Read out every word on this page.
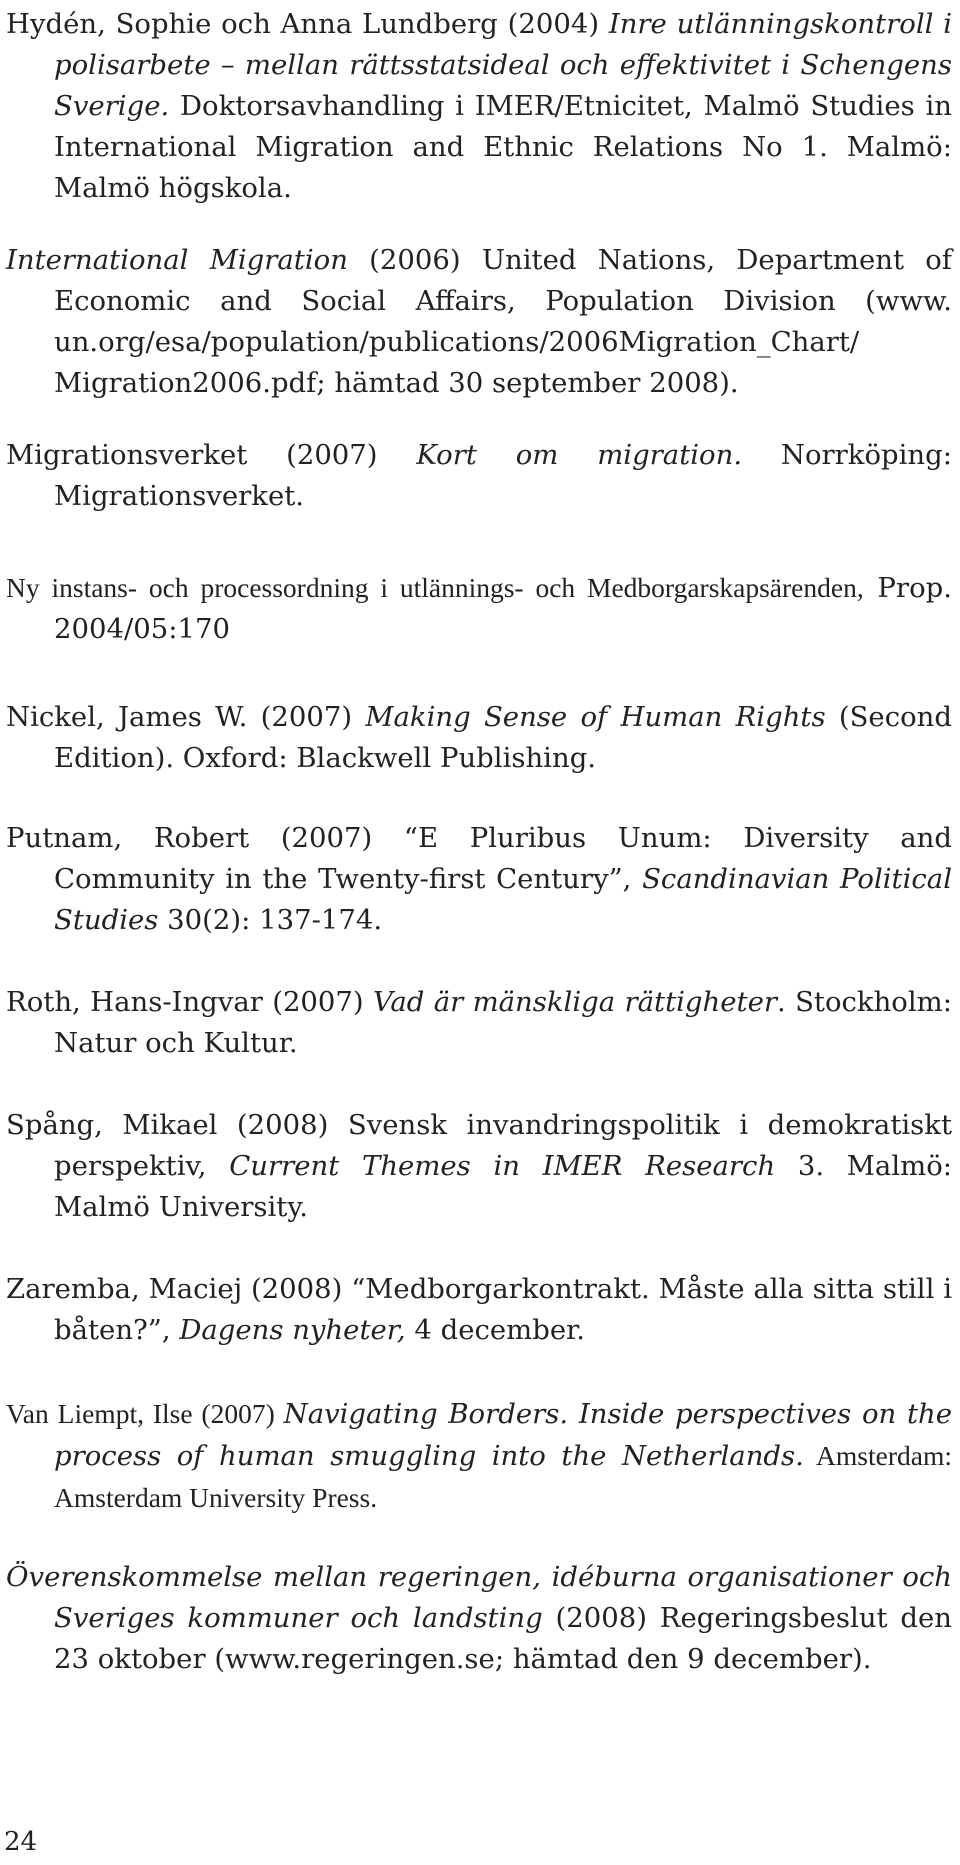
Hydén, Sophie och Anna Lundberg (2004) Inre utlänningskontroll i polisarbete – mellan rättsstatsideal och effektivitet i Schengens Sverige. Doktorsavhandling i IMER/Etnicitet, Malmö Studies in International Migration and Ethnic Relations No 1. Malmö: Malmö högskola.

International Migration (2006) United Nations, Department of Economic and Social Affairs, Population Division (www. un.org/esa/population/publications/2006Migration_Chart/ Migration2006.pdf; hämtad 30 september 2008).

Migrationsverket (2007) Kort om migration. Norrköping: Migrationsverket.

Ny instans- och processordning i utlännings- och Medborgarskapsärenden, Prop. 2004/05:170

Nickel, James W. (2007) Making Sense of Human Rights (Second Edition). Oxford: Blackwell Publishing.

Putnam, Robert (2007) “E Pluribus Unum: Diversity and Community in the Twenty-first Century”, Scandinavian Political Studies 30(2): 137-174.

Roth, Hans-Ingvar (2007) Vad är mänskliga rättigheter. Stockholm: Natur och Kultur.

Spång, Mikael (2008) Svensk invandringspolitik i demokratiskt perspektiv, Current Themes in IMER Research 3. Malmö: Malmö University.

Zaremba, Maciej (2008) “Medborgarkontrakt. Måste alla sitta still i båten?”, Dagens nyheter, 4 december.

Van Liempt, Ilse (2007) Navigating Borders. Inside perspectives on the process of human smuggling into the Netherlands. Amsterdam: Amsterdam University Press.

Överenskommelse mellan regeringen, idéburna organisationer och Sveriges kommuner och landsting (2008) Regeringsbeslut den 23 oktober (www.regeringen.se; hämtad den 9 december).

24
